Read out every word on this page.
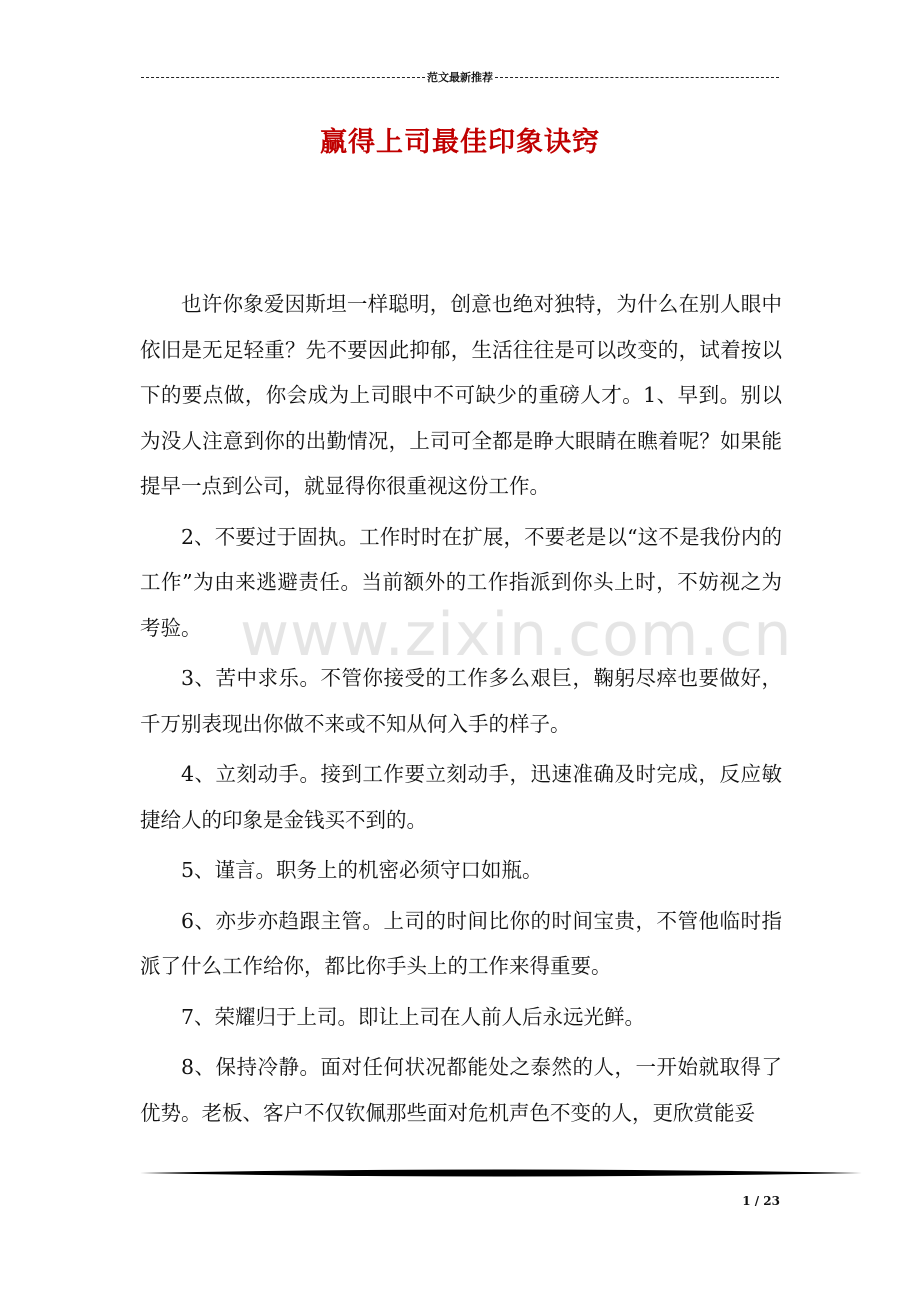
范文最新推荐
赢得上司最佳印象诀窍

也许你象爱因斯坦一样聪明，创意也绝对独特，为什么在别人眼中依旧是无足轻重？先不要因此抑郁，生活往往是可以改变的，试着按以下的要点做，你会成为上司眼中不可缺少的重磅人才。1、早到。别以为没人注意到你的出勤情况，上司可全都是睁大眼睛在瞧着呢？如果能提早一点到公司，就显得你很重视这份工作。

2、不要过于固执。工作时时在扩展，不要老是以“这不是我份内的工作”为由来逃避责任。当前额外的工作指派到你头上时，不妨视之为考验。

3、苦中求乐。不管你接受的工作多么艰巨，鞠躬尽瘁也要做好，千万别表现出你做不来或不知从何入手的样子。

4、立刻动手。接到工作要立刻动手，迅速准确及时完成，反应敏捷给人的印象是金钱买不到的。

5、谨言。职务上的机密必须守口如瓶。

6、亦步亦趋跟主管。上司的时间比你的时间宝贵，不管他临时指派了什么工作给你，都比你手头上的工作来得重要。

7、荣耀归于上司。即让上司在人前人后永远光鲜。

8、保持冷静。面对任何状况都能处之泰然的人，一开始就取得了优势。老板、客户不仅钦佩那些面对危机声色不变的人，更欣赏能妥

www.zixin.com.cn
1 / 23
